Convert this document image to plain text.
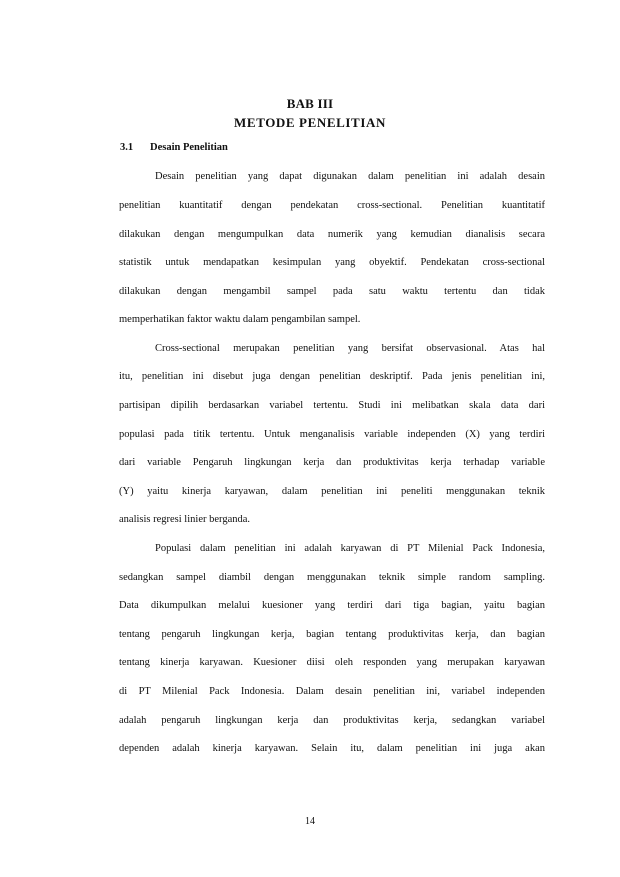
BAB III
METODE PENELITIAN
3.1 Desain Penelitian
Desain penelitian yang dapat digunakan dalam penelitian ini adalah desain
penelitian kuantitatif dengan pendekatan cross-sectional. Penelitian kuantitatif
dilakukan dengan mengumpulkan data numerik yang kemudian dianalisis secara
statistik untuk mendapatkan kesimpulan yang obyektif. Pendekatan cross-sectional
dilakukan dengan mengambil sampel pada satu waktu tertentu dan tidak
memperhatikan faktor waktu dalam pengambilan sampel.
Cross-sectional merupakan penelitian yang bersifat observasional. Atas hal
itu, penelitian ini disebut juga dengan penelitian deskriptif. Pada jenis penelitian ini,
partisipan dipilih berdasarkan variabel tertentu. Studi ini melibatkan skala data dari
populasi pada titik tertentu. Untuk menganalisis variable independen (X) yang terdiri
dari variable Pengaruh lingkungan kerja dan produktivitas kerja terhadap variable
(Y) yaitu kinerja karyawan, dalam penelitian ini peneliti menggunakan teknik
analisis regresi linier berganda.
Populasi dalam penelitian ini adalah karyawan di PT Milenial Pack Indonesia,
sedangkan sampel diambil dengan menggunakan teknik simple random sampling.
Data dikumpulkan melalui kuesioner yang terdiri dari tiga bagian, yaitu bagian
tentang pengaruh lingkungan kerja, bagian tentang produktivitas kerja, dan bagian
tentang kinerja karyawan. Kuesioner diisi oleh responden yang merupakan karyawan
di PT Milenial Pack Indonesia. Dalam desain penelitian ini, variabel independen
adalah pengaruh lingkungan kerja dan produktivitas kerja, sedangkan variabel
dependen adalah kinerja karyawan. Selain itu, dalam penelitian ini juga akan
14
